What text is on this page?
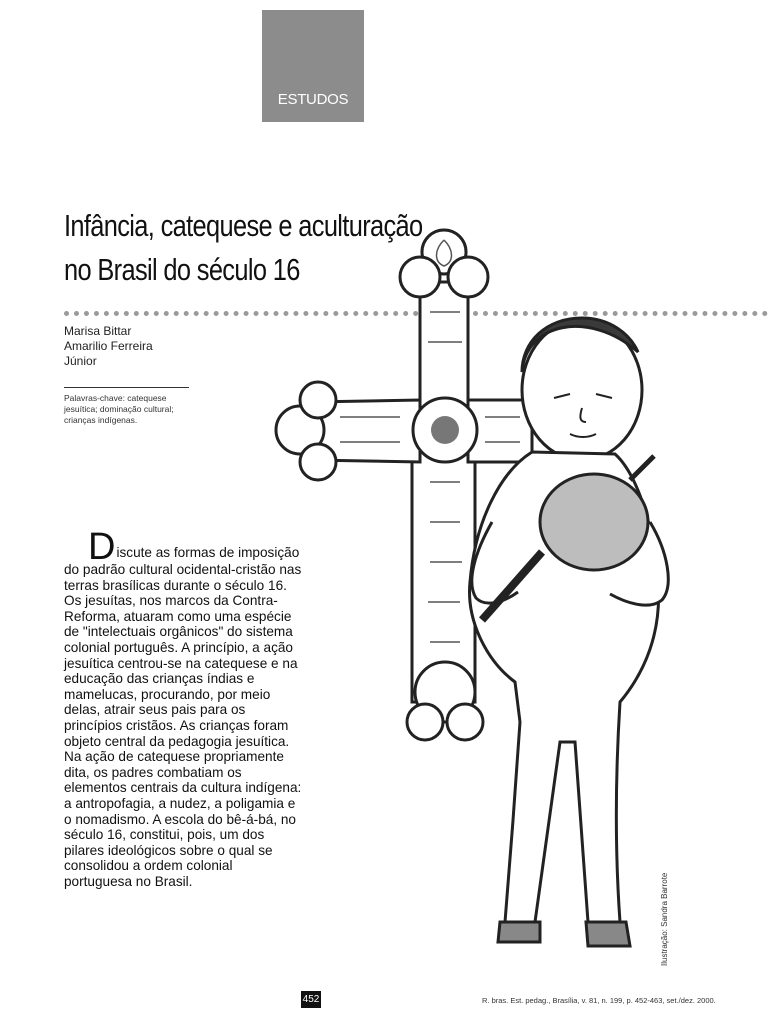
ESTUDOS
Infância, catequese e aculturação
no Brasil do século 16
Marisa Bittar
Amarilio Ferreira
Júnior
Palavras-chave: catequese jesuítica; dominação cultural; crianças indígenas.

Discute as formas de imposição do padrão cultural ocidental-cristão nas terras brasílicas durante o século 16. Os jesuítas, nos marcos da Contra-Reforma, atuaram como uma espécie de "intelectuais orgânicos" do sistema colonial português. A princípio, a ação jesuítica centrou-se na catequese e na educação das crianças índias e mamelucas, procurando, por meio delas, atrair seus pais para os princípios cristãos. As crianças foram objeto central da pedagogia jesuítica. Na ação de catequese propriamente dita, os padres combatiam os elementos centrais da cultura indígena: a antropofagia, a nudez, a poligamia e o nomadismo. A escola do bê-á-bá, no século 16, constitui, pois, um dos pilares ideológicos sobre o qual se consolidou a ordem colonial portuguesa no Brasil.	Ilustração: Sandra Barrote
452	R. bras. Est. pedag., Brasília, v. 81, n. 199, p. 452-463, set./dez. 2000.
